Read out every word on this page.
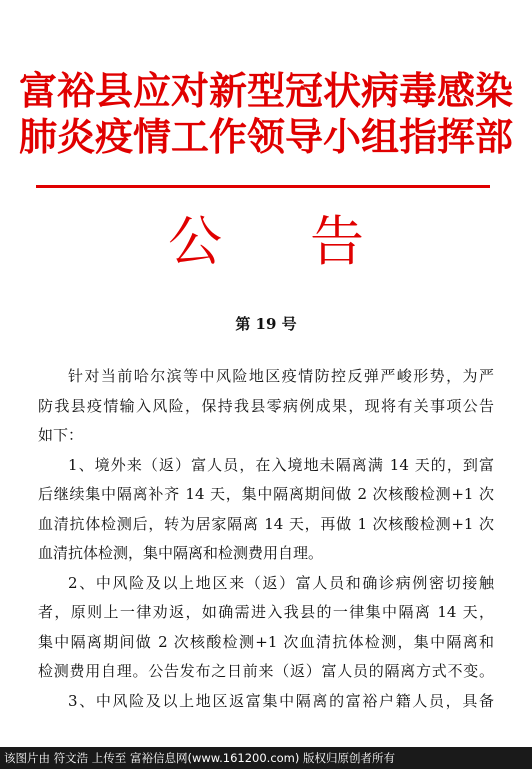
富裕县应对新型冠状病毒感染
肺炎疫情工作领导小组指挥部
公 告
第 19 号
针对当前哈尔滨等中风险地区疫情防控反弹严峻形势，为严
防我县疫情输入风险，保持我县零病例成果，现将有关事项公告
如下：
1、境外来（返）富人员，在入境地未隔离满 14 天的，到富
后继续集中隔离补齐 14 天，集中隔离期间做 2 次核酸检测+1 次
血清抗体检测后，转为居家隔离 14 天，再做 1 次核酸检测+1 次
血清抗体检测，集中隔离和检测费用自理。
2、中风险及以上地区来（返）富人员和确诊病例密切接触
者，原则上一律劝返，如确需进入我县的一律集中隔离 14 天，
集中隔离期间做 2 次核酸检测+1 次血清抗体检测，集中隔离和
检测费用自理。公告发布之日前来（返）富人员的隔离方式不变。
3、中风险及以上地区返富集中隔离的富裕户籍人员，具备
该图片由 符文浩 上传至 富裕信息网(www.161200.com) 版权归原创者所有
